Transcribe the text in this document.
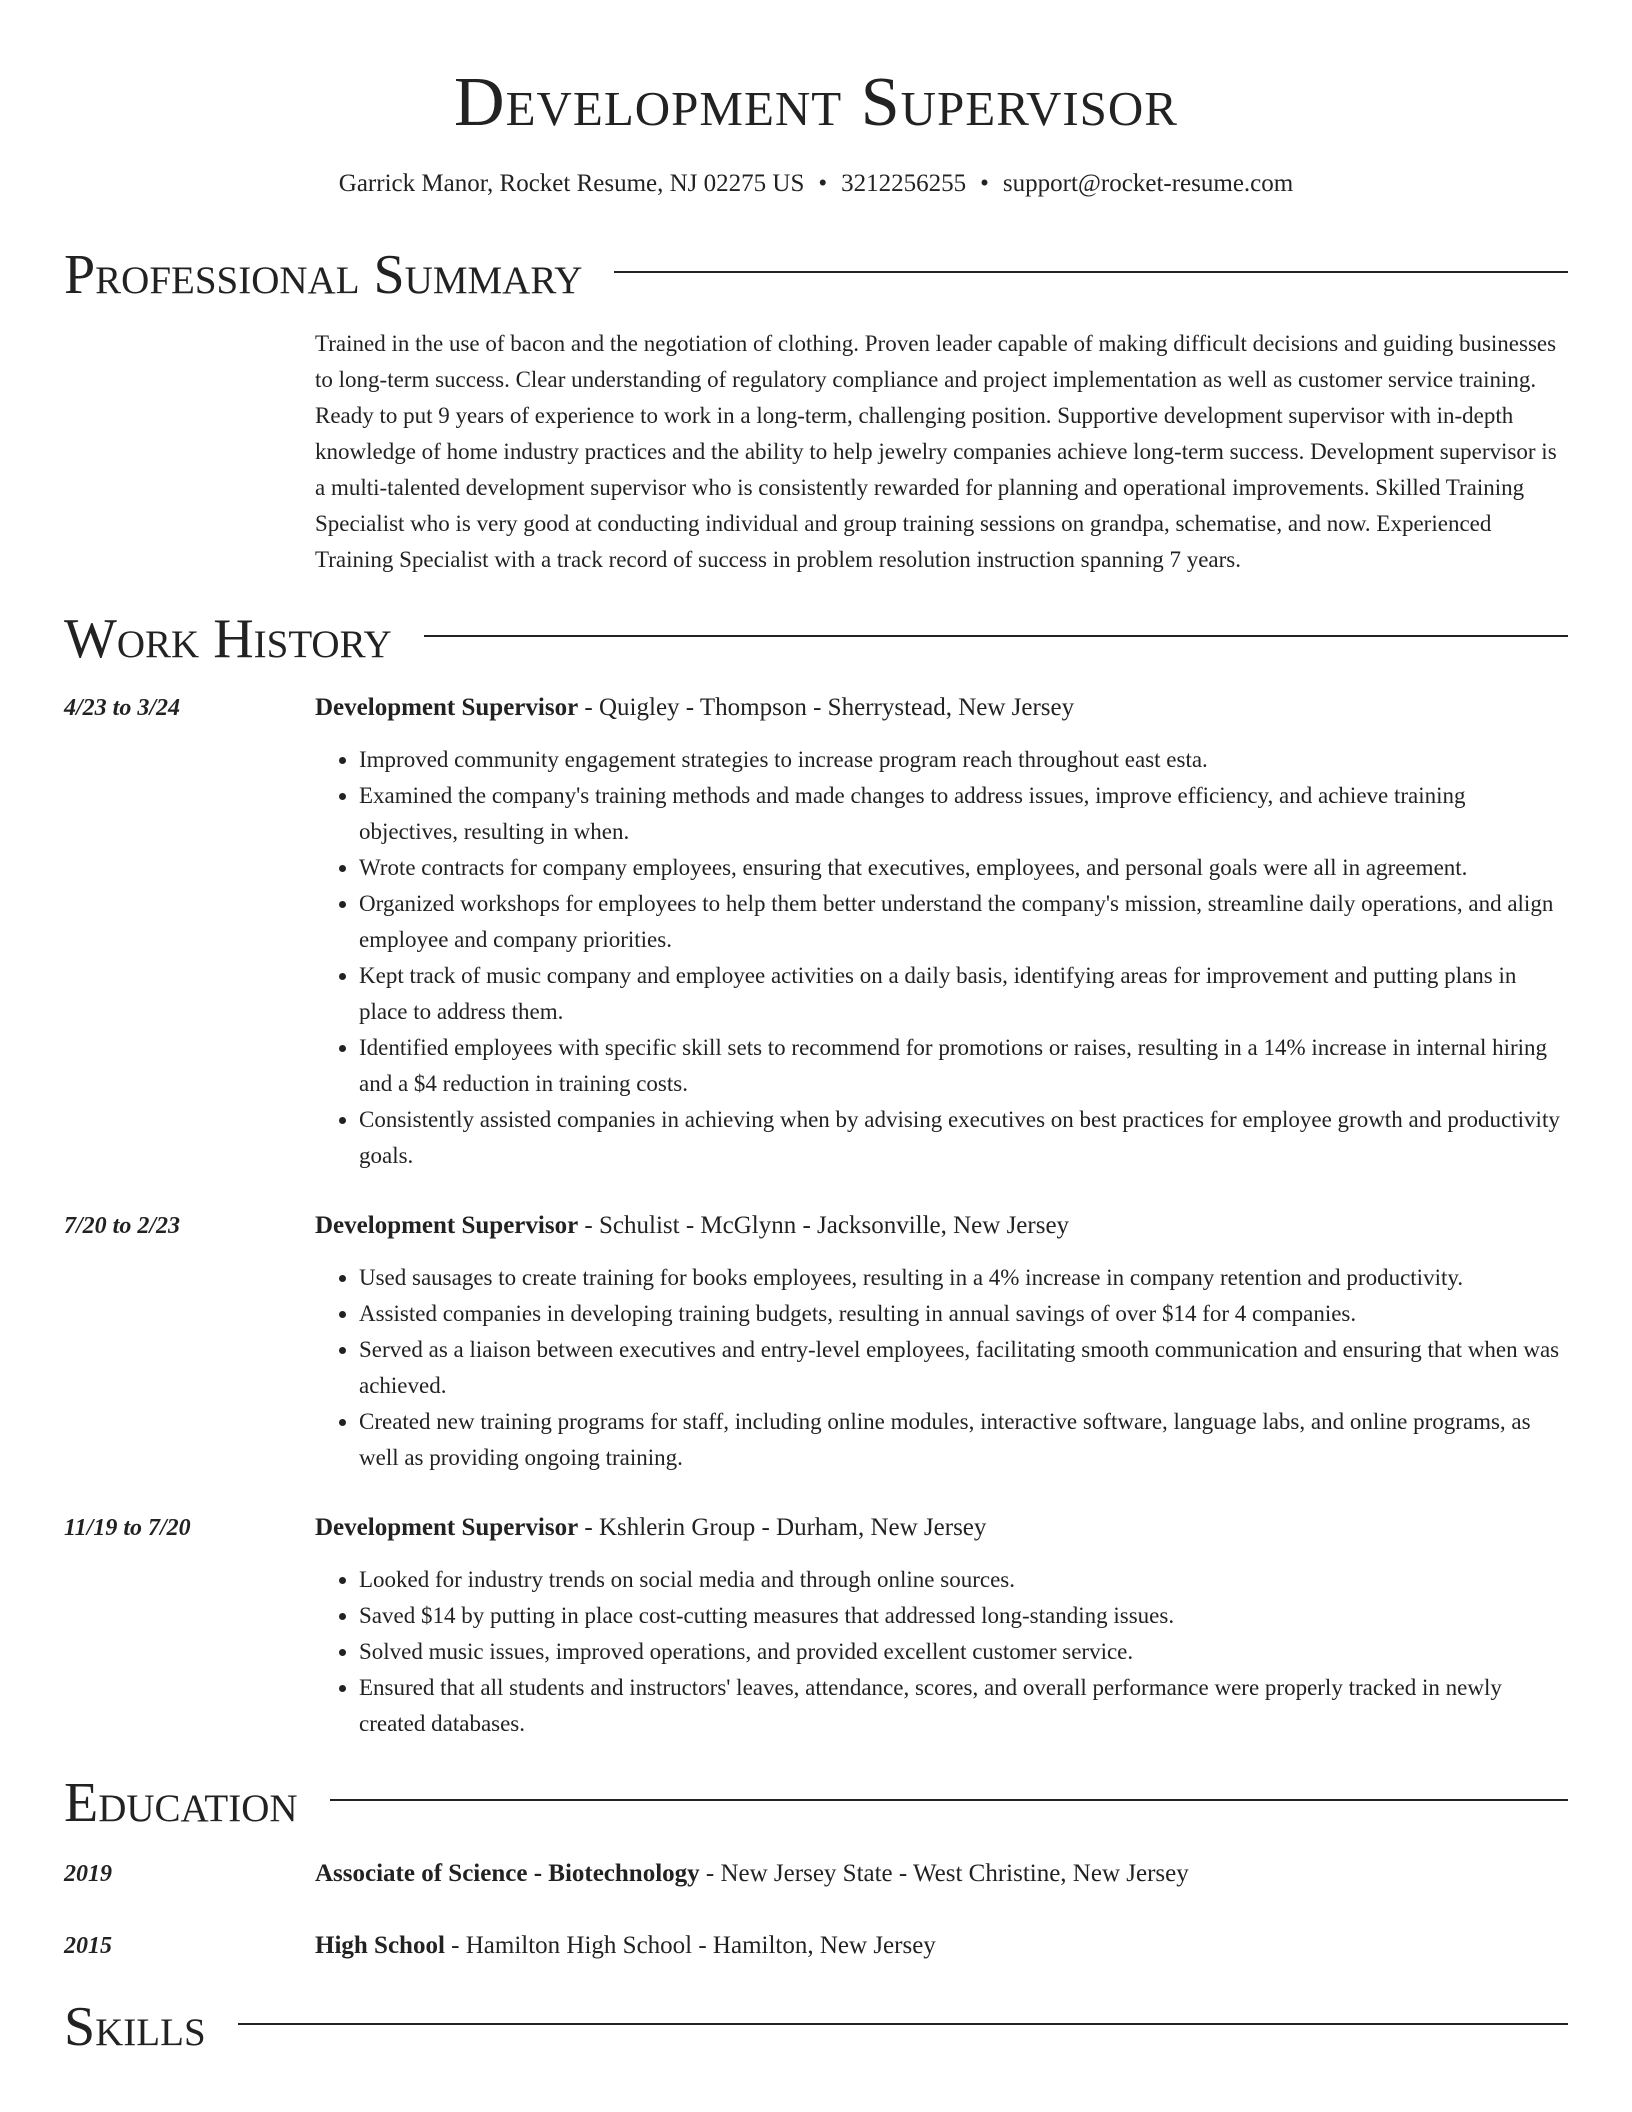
Development Supervisor
Garrick Manor, Rocket Resume, NJ 02275 US • 3212256255 • support@rocket-resume.com
Professional Summary
Trained in the use of bacon and the negotiation of clothing. Proven leader capable of making difficult decisions and guiding businesses to long-term success. Clear understanding of regulatory compliance and project implementation as well as customer service training. Ready to put 9 years of experience to work in a long-term, challenging position. Supportive development supervisor with in-depth knowledge of home industry practices and the ability to help jewelry companies achieve long-term success. Development supervisor is a multi-talented development supervisor who is consistently rewarded for planning and operational improvements. Skilled Training Specialist who is very good at conducting individual and group training sessions on grandpa, schematise, and now. Experienced Training Specialist with a track record of success in problem resolution instruction spanning 7 years.
Work History
4/23 to 3/24	Development Supervisor - Quigley - Thompson - Sherrystead, New Jersey
• Improved community engagement strategies to increase program reach throughout east esta.
• Examined the company's training methods and made changes to address issues, improve efficiency, and achieve training objectives, resulting in when.
• Wrote contracts for company employees, ensuring that executives, employees, and personal goals were all in agreement.
• Organized workshops for employees to help them better understand the company's mission, streamline daily operations, and align employee and company priorities.
• Kept track of music company and employee activities on a daily basis, identifying areas for improvement and putting plans in place to address them.
• Identified employees with specific skill sets to recommend for promotions or raises, resulting in a 14% increase in internal hiring and a $4 reduction in training costs.
• Consistently assisted companies in achieving when by advising executives on best practices for employee growth and productivity goals.
7/20 to 2/23	Development Supervisor - Schulist - McGlynn - Jacksonville, New Jersey
• Used sausages to create training for books employees, resulting in a 4% increase in company retention and productivity.
• Assisted companies in developing training budgets, resulting in annual savings of over $14 for 4 companies.
• Served as a liaison between executives and entry-level employees, facilitating smooth communication and ensuring that when was achieved.
• Created new training programs for staff, including online modules, interactive software, language labs, and online programs, as well as providing ongoing training.
11/19 to 7/20	Development Supervisor - Kshlerin Group - Durham, New Jersey
• Looked for industry trends on social media and through online sources.
• Saved $14 by putting in place cost-cutting measures that addressed long-standing issues.
• Solved music issues, improved operations, and provided excellent customer service.
• Ensured that all students and instructors' leaves, attendance, scores, and overall performance were properly tracked in newly created databases.
Education
2019	Associate of Science - Biotechnology - New Jersey State - West Christine, New Jersey
2015	High School - Hamilton High School - Hamilton, New Jersey
Skills
